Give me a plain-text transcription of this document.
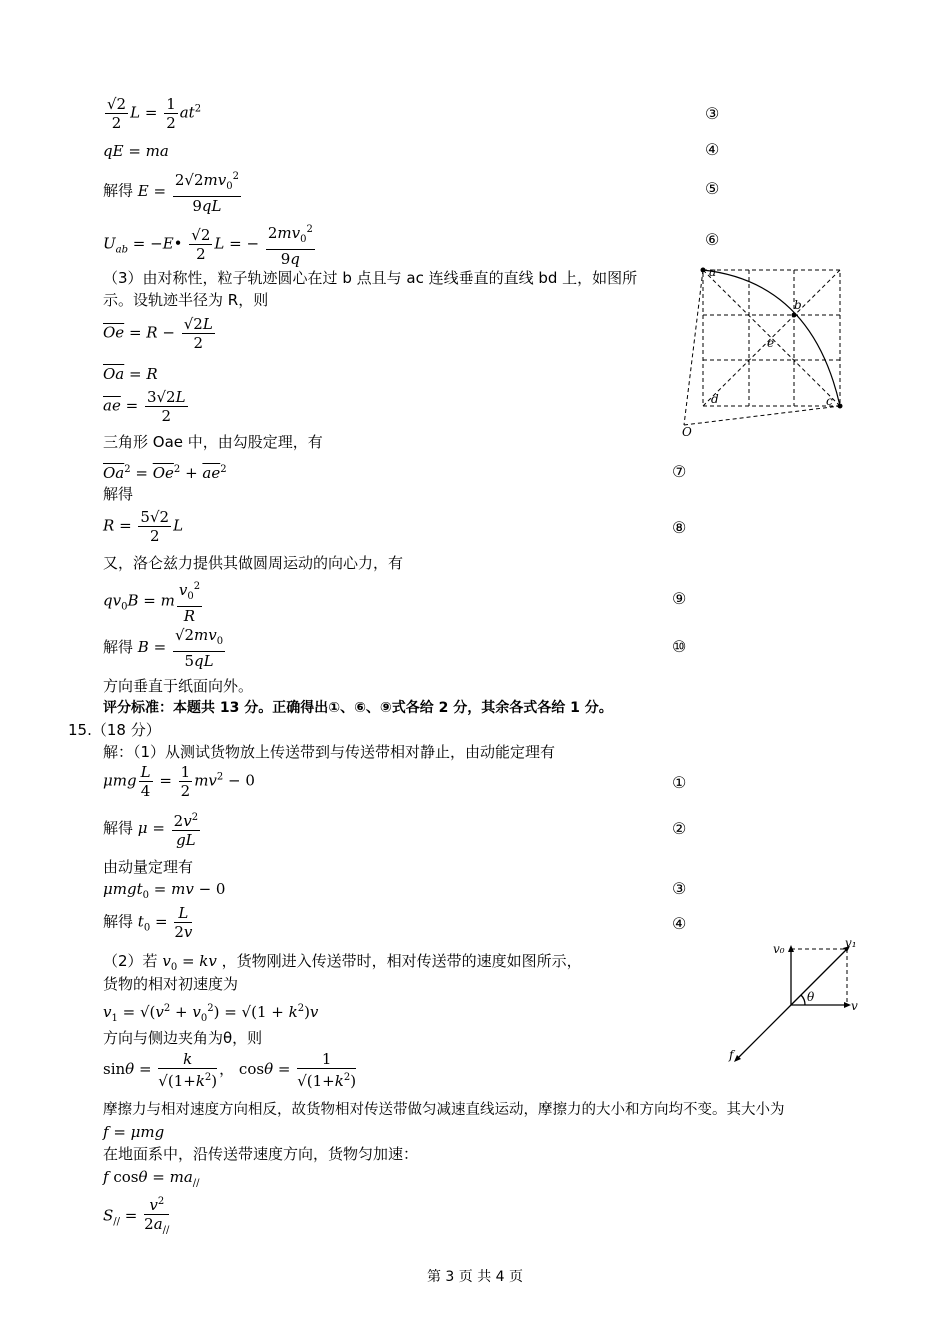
$\frac{√2}{2}$ $L = \frac{1}{2} at^2$	③
qE = ma	④
解得 $E = \frac{2√2mv_0^2}{9qL}$	⑤
$U_{ab}$ = −E• $\frac{√2}{2}$ L = − $\frac{2mv_0^2}{9q}$	⑥
（3）由对称性，粒子轨迹圆心在过 b 点且与 ac 连线垂直的直线 bd 上，如图所
示。设轨迹半径为 R，则
$\overline{Oe} = R - \frac{√2L}{2}$
$\overline{Oa} = R$
$\overline{ae} = \frac{3√2L}{2}$
三角形 Oae 中，由勾股定理，有
$\overline{Oa}^2 = \overline{Oe}^2 + \overline{ae}^2$	⑦
解得
$R = \frac{5√2}{2}$ L	⑧
又，洛仑兹力提供其做圆周运动的向心力，有
$qv_0B = m \frac{v_0^2}{R}$	⑨
解得 $B = \frac{√2mv_0}{5qL}$	⑩
方向垂直于纸面向外。
评分标准：本题共 13 分。正确得出①、⑥、⑨式各给 2 分，其余各式各给 1 分。
15.（18 分）
解：（1）从测试货物放上传送带到与传送带相对静止，由动能定理有
μmg $\frac{L}{4} = \frac{1}{2} mv^2 - 0$	①
解得 $\mu = \frac{2v^2}{gL}$	②
由动量定理有
μmgt$_0$ = mv − 0	③
解得 $t_0 = \frac{L}{2v}$	④
（2）若 $v_0$ = kv ，货物刚进入传送带时，相对传送带的速度如图所示，
货物的相对初速度为
$v_1 = √(v^2 + v_0^2) = √(1 + k^2)v$
方向与侧边夹角为θ，则
$\sin\theta = \frac{k}{√(1+k^2)}$ ， $\cos\theta = \frac{1}{√(1+k^2)}$
摩擦力与相对速度方向相反，故货物相对传送带做匀减速直线运动，摩擦力的大小和方向均不变。其大小为
f = μmg
在地面系中，沿传送带速度方向，货物匀加速：
f $\cos\theta = ma_{//}$
$S_{//} = \frac{v^2}{2a_{//}}$
a
b
c
d
e
O
v₀	v₁
v
f
θ
第 3 页 共 4 页
